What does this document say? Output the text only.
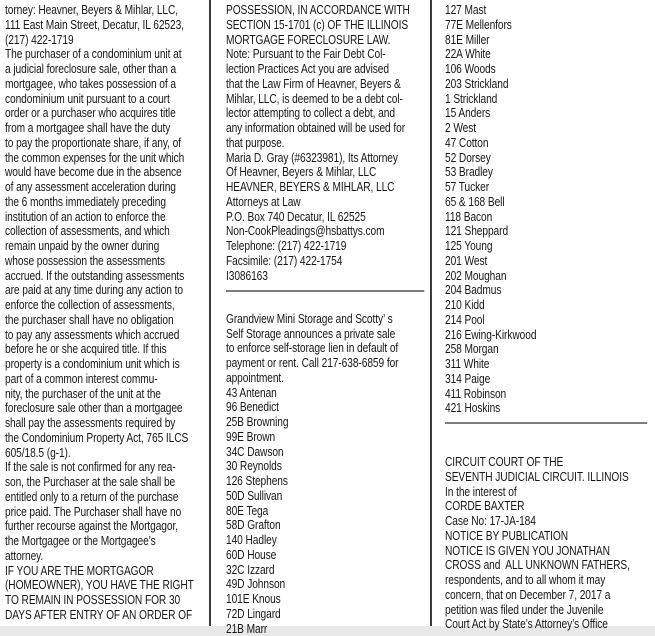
torney: Heavner, Beyers & Mihlar, LLC,
111 East Main Street, Decatur, IL 62523,
(217) 422-1719
The purchaser of a condominium unit at
a judicial foreclosure sale, other than a
mortgagee, who takes possession of a
condominium unit pursuant to a court
order or a purchaser who acquires title
from a mortgagee shall have the duty
to pay the proportionate share, if any, of
the common expenses for the unit which
would have become due in the absence
of any assessment acceleration during
the 6 months immediately preceding
institution of an action to enforce the
collection of assessments, and which
remain unpaid by the owner during
whose possession the assessments
accrued. If the outstanding assessments
are paid at any time during any action to
enforce the collection of assessments,
the purchaser shall have no obligation
to pay any assessments which accrued
before he or she acquired title. If this
property is a condominium unit which is
part of a common interest commu-
nity, the purchaser of the unit at the
foreclosure sale other than a mortgagee
shall pay the assessments required by
the Condominium Property Act, 765 ILCS
605/18.5 (g-1).
If the sale is not confirmed for any rea-
son, the Purchaser at the sale shall be
entitled only to a return of the purchase
price paid. The Purchaser shall have no
further recourse against the Mortgagor,
the Mortgagee or the Mortgagee’s
attorney.
IF YOU ARE THE MORTGAGOR
(HOMEOWNER), YOU HAVE THE RIGHT
TO REMAIN IN POSSESSION FOR 30
DAYS AFTER ENTRY OF AN ORDER OF
POSSESSION, IN ACCORDANCE WITH
SECTION 15-1701 (c) OF THE ILLINOIS
MORTGAGE FORECLOSURE LAW.
Note: Pursuant to the Fair Debt Col-
lection Practices Act you are advised
that the Law Firm of Heavner, Beyers &
Mihlar, LLC, is deemed to be a debt col-
lector attempting to collect a debt, and
any information obtained will be used for
that purpose.
Maria D. Gray (#6323981), Its Attorney
Of Heavner, Beyers & Mihlar, LLC
HEAVNER, BEYERS & MIHLAR, LLC
Attorneys at Law
P.O. Box 740 Decatur, IL 62525
Non-CookPleadings@hsbattys.com
Telephone: (217) 422-1719
Facsimile: (217) 422-1754
I3086163
Grandview Mini Storage and Scotty’ s
Self Storage announces a private sale
to enforce self-storage lien in default of
payment or rent. Call 217-638-6859 for
appointment.
43 Antenan
96 Benedict
25B Browning
99E Brown
34C Dawson
30 Reynolds
126 Stephens
50D Sullivan
80E Tega
58D Grafton
140 Hadley
60D House
32C Izzard
49D Johnson
101E Knous
72D Lingard
21B Marr
127 Mast
77E Mellenfors
81E Miller
22A White
106 Woods
203 Strickland
1 Strickland
15 Anders
2 West
47 Cotton
52 Dorsey
53 Bradley
57 Tucker
65 & 168 Bell
118 Bacon
121 Sheppard
125 Young
201 West
202 Moughan
204 Badmus
210 Kidd
214 Pool
216 Ewing-Kirkwood
258 Morgan
311 White
314 Paige
411 Robinson
421 Hoskins
CIRCUIT COURT OF THE
SEVENTH JUDICIAL CIRCUIT. ILLINOIS
In the interest of
CORDE BAXTER
Case No: 17-JA-184
NOTICE BY PUBLICATION
NOTICE IS GIVEN YOU JONATHAN
CROSS and  ALL UNKNOWN FATHERS,
respondents, and to all whom it may
concern, that on December 7, 2017 a
petition was filed under the Juvenile
Court Act by State’s Attorney’s Office
